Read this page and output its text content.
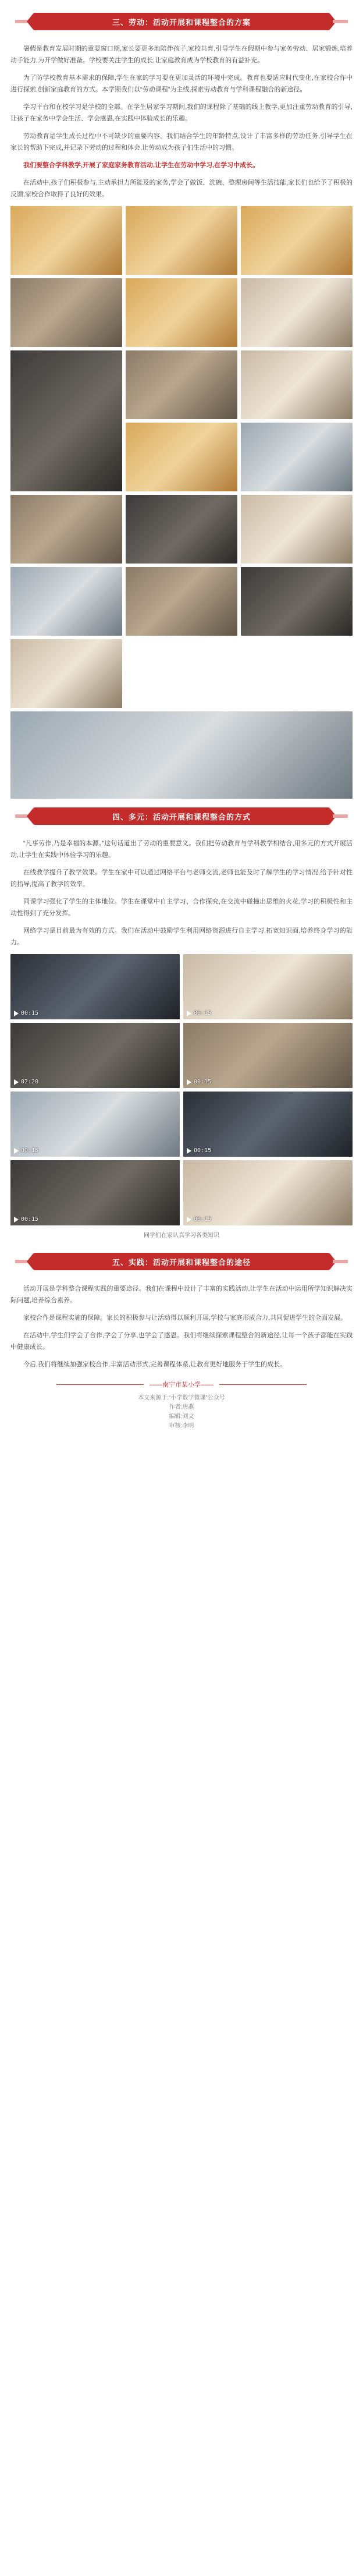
三、劳动：活动开展和课程整合的方案

暑假是教育发展时期的重要窗口期,家长要更多地陪伴孩子,家校共育,引导学生在假期中参与家务劳动、居家锻炼,培养动手能力,为开学做好准备。学校要关注学生的成长,让家庭教育成为学校教育的有益补充。

为了防学校教育基本需求的保障,学生在家的学习要在更加灵活的环境中完成。教育也要适应时代变化,在家校合作中进行探索,创新家庭教育的方式。本学期我们以“劳动课程”为主线,探索劳动教育与学科课程融合的新途径。

学习平台和在校学习是学校的全部。在学生居家学习期间,我们的课程除了基础的线上教学,更加注重劳动教育的引导,让孩子在家务中学会生活、学会感恩,在实践中体验成长的乐趣。

劳动教育是学生成长过程中不可缺少的重要内容。我们结合学生的年龄特点,设计了丰富多样的劳动任务,引导学生在家长的帮助下完成,并记录下劳动的过程和体会,让劳动成为孩子们生活中的习惯。

我们要整合学科教学,开展了家庭家务教育活动,让学生在劳动中学习,在学习中成长。

在活动中,孩子们积极参与,主动承担力所能及的家务,学会了做饭、洗碗、整理房间等生活技能,家长们也给予了积极的反馈,家校合作取得了良好的效果。

四、多元：活动开展和课程整合的方式

“凡事劳作,乃是幸福的本源。”这句话道出了劳动的重要意义。我们把劳动教育与学科教学相结合,用多元的方式开展活动,让学生在实践中体验学习的乐趣。

在线教学提升了教学效果。学生在家中可以通过网络平台与老师交流,老师也能及时了解学生的学习情况,给予针对性的指导,提高了教学的效率。

同课学习强化了学生的主体地位。学生在课堂中自主学习、合作探究,在交流中碰撞出思维的火花,学习的积极性和主动性得到了充分发挥。

网络学习是目前最为有效的方式。我们在活动中鼓励学生利用网络资源进行自主学习,拓宽知识面,培养终身学习的能力。

00:15	00:15
02:20	00:15
00:15	00:15
00:15	00:15
同学们在家认真学习各类知识
五、实践：活动开展和课程整合的途径

活动开展是学科整合课程实践的重要途径。我们在课程中设计了丰富的实践活动,让学生在活动中运用所学知识解决实际问题,培养综合素养。

家校合作是课程实施的保障。家长的积极参与让活动得以顺利开展,学校与家庭形成合力,共同促进学生的全面发展。

在活动中,学生们学会了合作,学会了分享,也学会了感恩。我们将继续探索课程整合的新途径,让每一个孩子都能在实践中健康成长。

今后,我们将继续加强家校合作,丰富活动形式,完善课程体系,让教育更好地服务于学生的成长。

——南宁市某小学——
本文来源于:“小学数学微课”公众号
作者:唐燕
编辑:刘文
审核:李明
